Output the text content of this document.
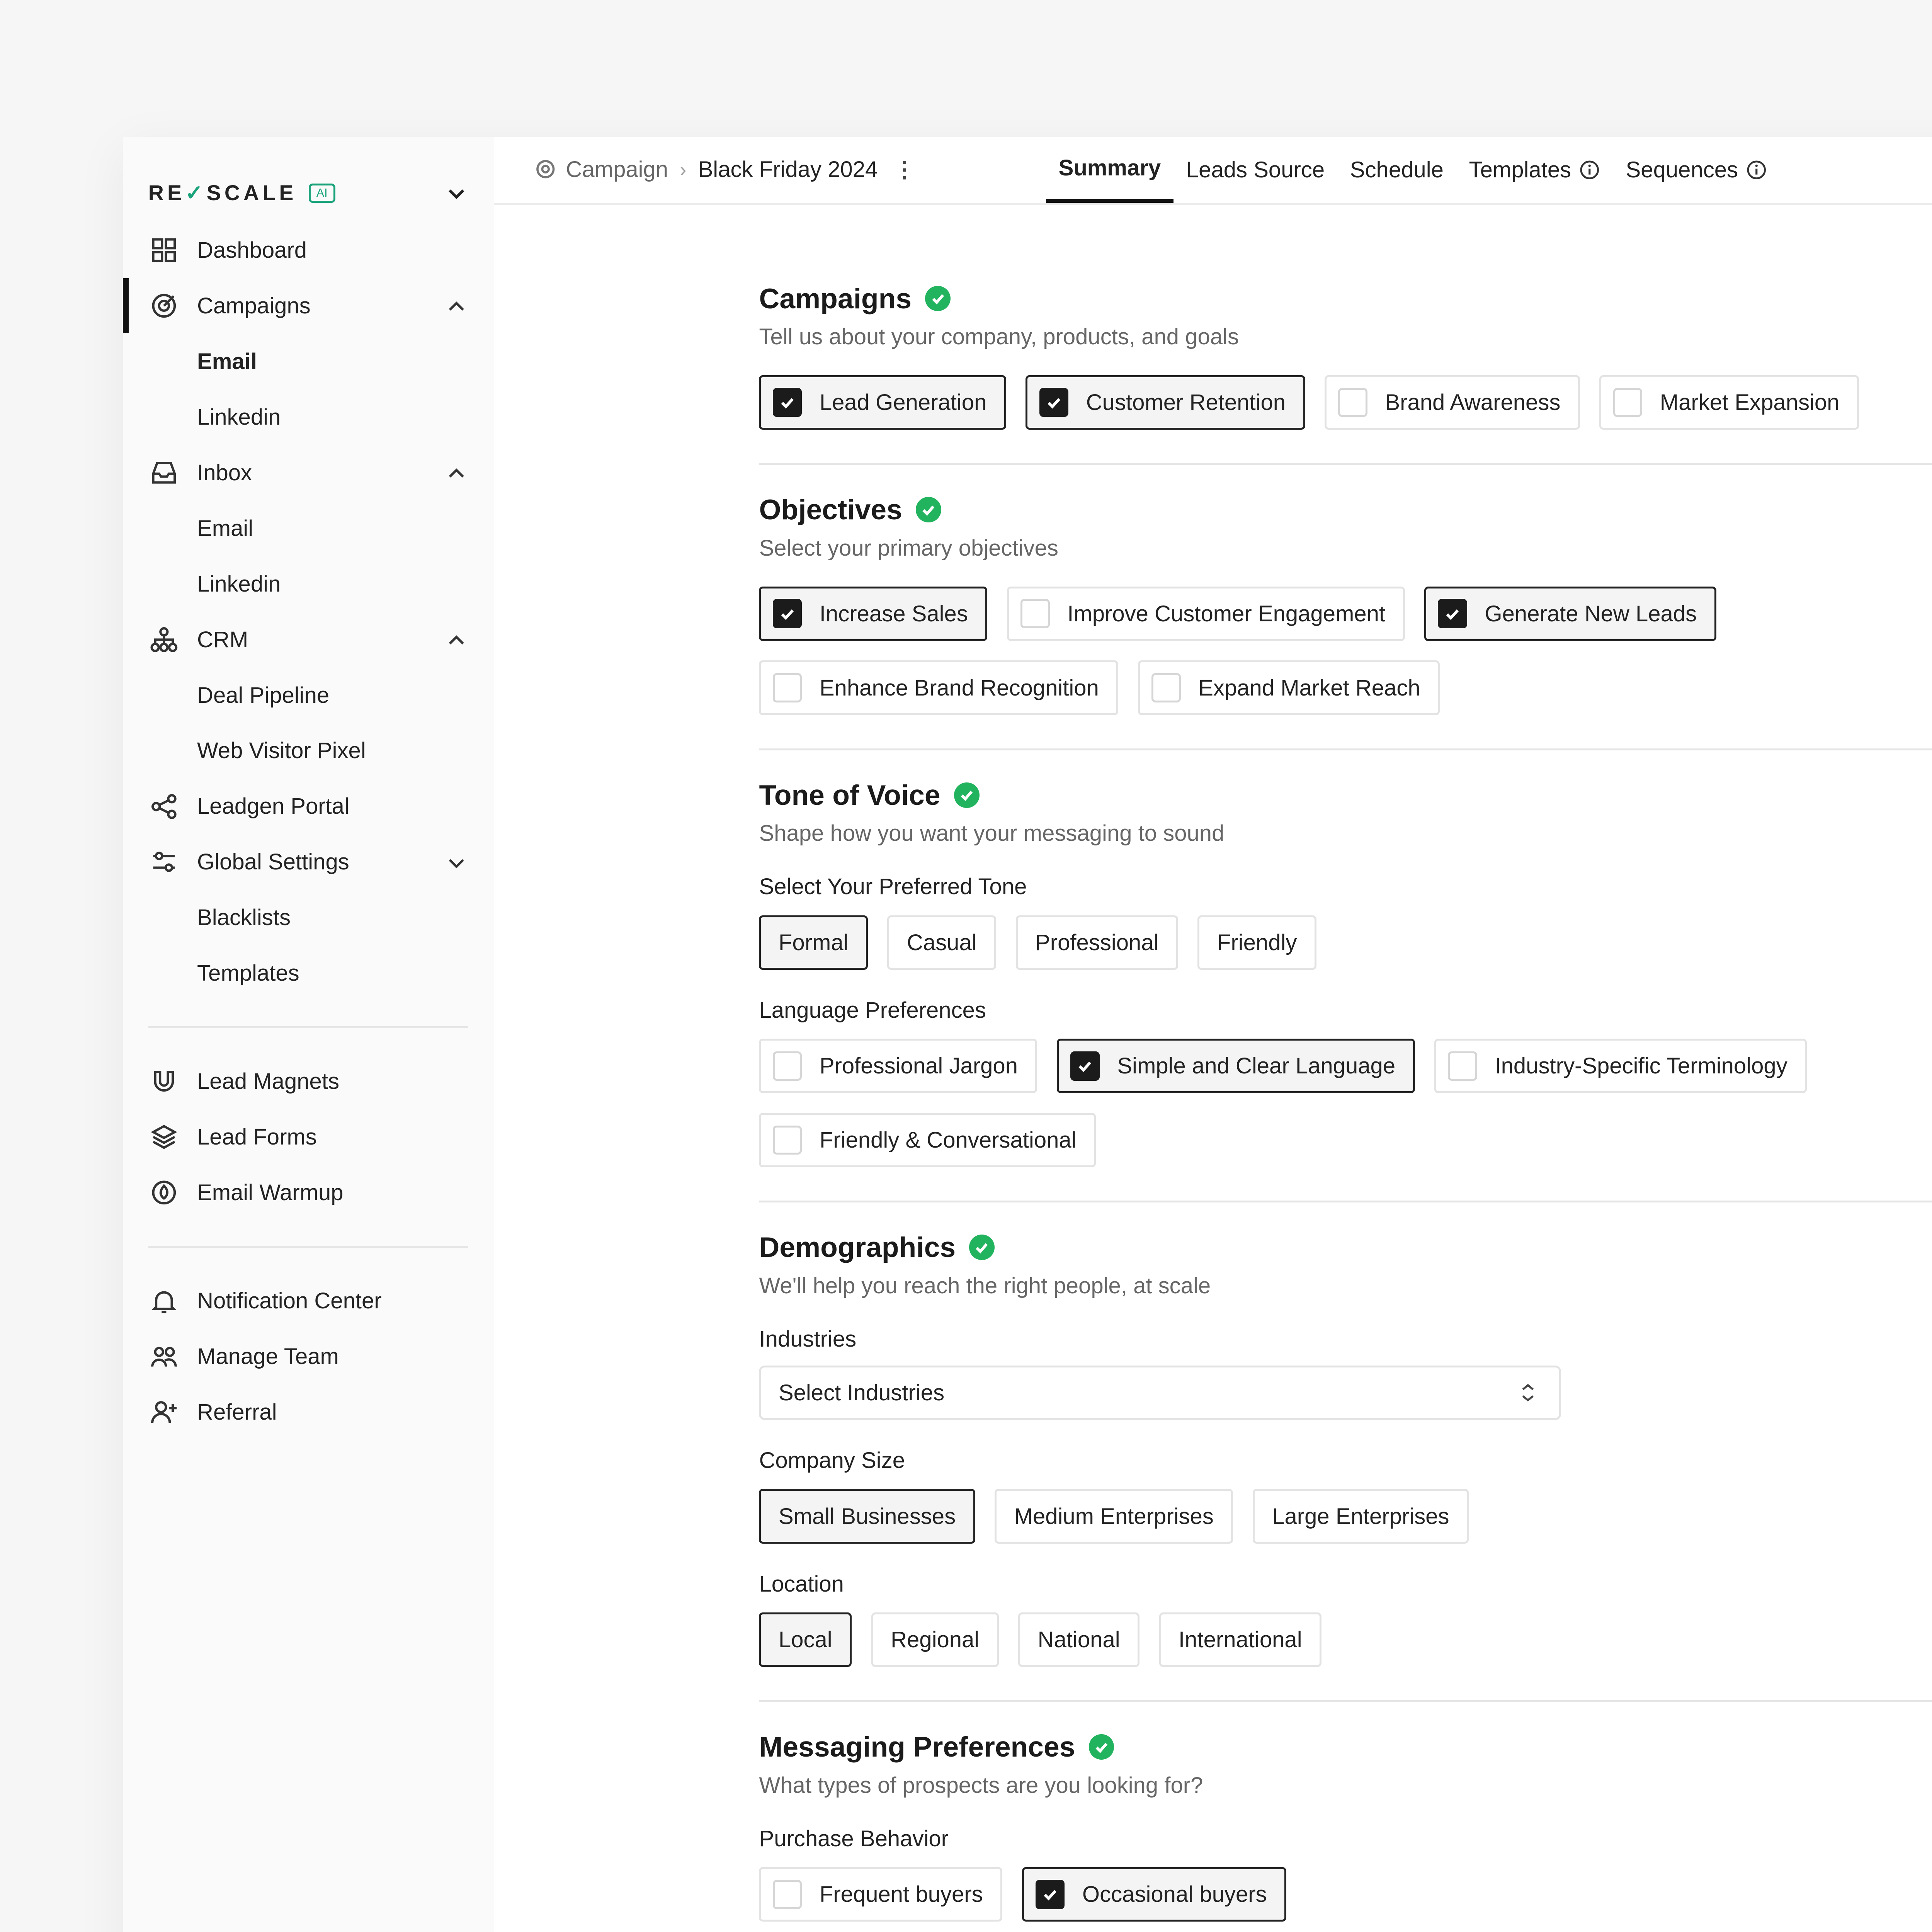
RE✓SCALE	AI
Dashboard
Campaigns
Email
Linkedin
Inbox
Email
Linkedin
CRM
Deal Pipeline
Web Visitor Pixel
Leadgen Portal
Global Settings
Blacklists
Templates
Lead Magnets
Lead Forms
Email Warmup
Notification Center
Manage Team
Referral
Campaign	›	Black Friday 2024	⋮	Summary	Leads Source	Schedule	Templates	Sequences
Campaigns
Tell us about your company, products, and goals
Lead Generation	Customer Retention	Brand Awareness	Market Expansion
Objectives
Select your primary objectives
Increase Sales	Improve Customer Engagement	Generate New Leads
Enhance Brand Recognition	Expand Market Reach
Tone of Voice
Shape how you want your messaging to sound
Select Your Preferred Tone
Formal	Casual	Professional	Friendly
Language Preferences
Professional Jargon	Simple and Clear Language	Industry-Specific Terminology
Friendly & Conversational
Demographics
We'll help you reach the right people, at scale
Industries
Select Industries
Company Size
Small Businesses	Medium Enterprises	Large Enterprises
Location
Local	Regional	National	International
Messaging Preferences
What types of prospects are you looking for?
Purchase Behavior
Frequent buyers	Occasional buyers
